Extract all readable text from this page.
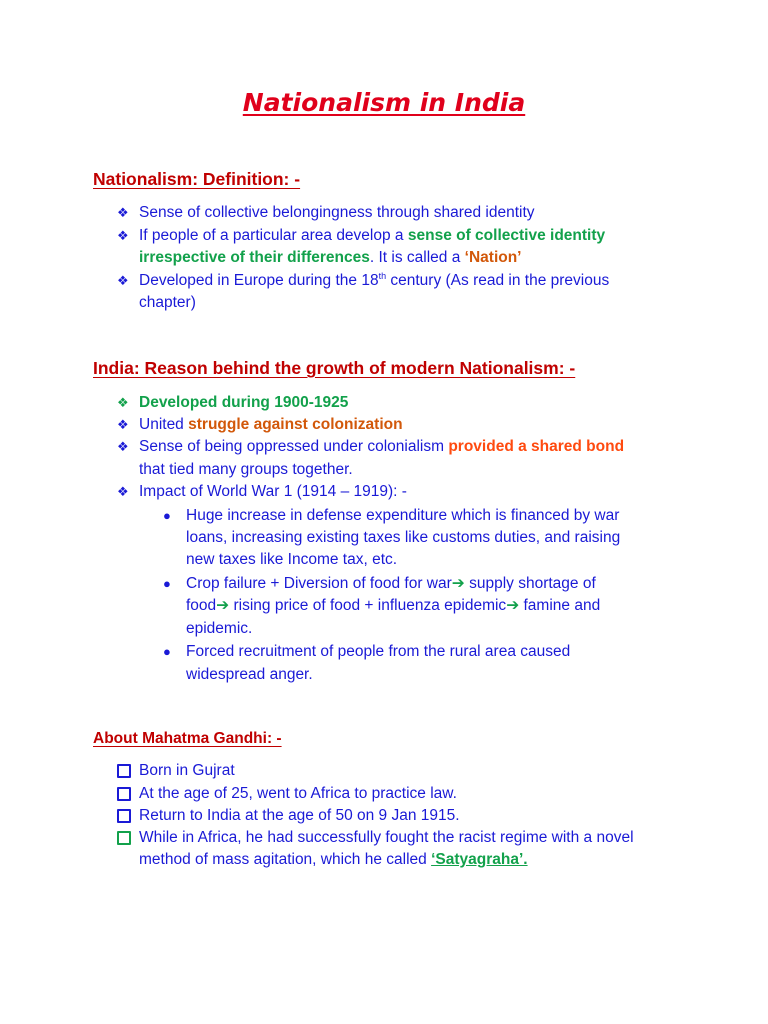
Nationalism in India
Nationalism: Definition: -
❖ Sense of collective belongingness through shared identity
❖ If people of a particular area develop a sense of collective identity
irrespective of their differences. It is called a ‘Nation’
❖ Developed in Europe during the 18th century (As read in the previous
chapter)
India: Reason behind the growth of modern Nationalism: -
❖ Developed during 1900-1925
❖ United struggle against colonization
❖ Sense of being oppressed under colonialism provided a shared bond
that tied many groups together.
❖ Impact of World War 1 (1914 – 1919): -
● Huge increase in defense expenditure which is financed by war
loans, increasing existing taxes like customs duties, and raising
new taxes like Income tax, etc.
● Crop failure + Diversion of food for war➔ supply shortage of
food➔ rising price of food + influenza epidemic➔ famine and
epidemic.
● Forced recruitment of people from the rural area caused
widespread anger.
About Mahatma Gandhi: -
Born in Gujrat
At the age of 25, went to Africa to practice law.
Return to India at the age of 50 on 9 Jan 1915.
While in Africa, he had successfully fought the racist regime with a novel
method of mass agitation, which he called ‘Satyagraha’.
